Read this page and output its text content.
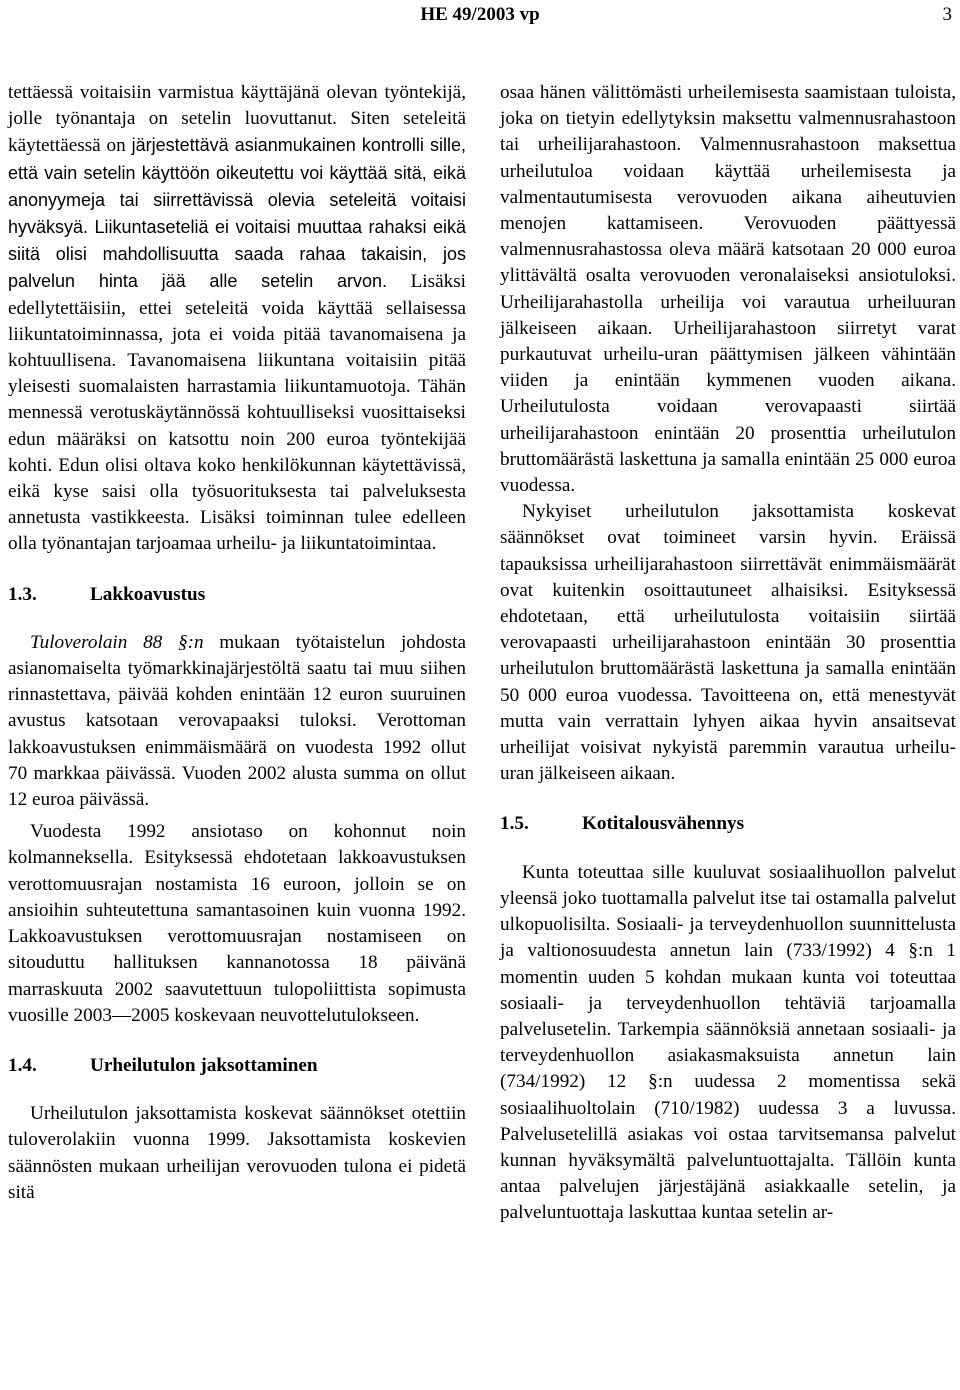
HE 49/2003 vp	3

tettäessä voitaisiin varmistua käyttäjänä olevan työntekijä, jolle työnantaja on setelin luovuttanut. Siten seteleitä käytettäessä on järjestettävä asianmukainen kontrolli sille, että vain setelin käyttöön oikeutettu voi käyttää sitä, eikä anonyymeja tai siirrettävissä olevia seteleitä voitaisi hyväksyä. Liikuntaseteliä ei voitaisi muuttaa rahaksi eikä siitä olisi mahdollisuutta saada rahaa takaisin, jos palvelun hinta jää alle setelin arvon. Lisäksi edellytettäisiin, ettei seteleitä voida käyttää sellaisessa liikuntatoiminnassa, jota ei voida pitää tavanomaisena ja kohtuullisena. Tavanomaisena liikuntana voitaisiin pitää yleisesti suomalaisten harrastamia liikuntamuotoja. Tähän mennessä verotuskäytännössä kohtuulliseksi vuosittaiseksi edun määräksi on katsottu noin 200 euroa työntekijää kohti. Edun olisi oltava koko henkilökunnan käytettävissä, eikä kyse saisi olla työsuorituksesta tai palveluksesta annetusta vastikkeesta. Lisäksi toiminnan tulee edelleen olla työnantajan tarjoamaa urheilu- ja liikuntatoimintaa.

1.3.	Lakkoavustus

Tuloverolain 88 §:n mukaan työtaistelun johdosta asianomaiselta työmarkkinajärjestöltä saatu tai muu siihen rinnastettava, päivää kohden enintään 12 euron suuruinen avustus katsotaan verovapaaksi tuloksi. Verottoman lakkoavustuksen enimmäismäärä on vuodesta 1992 ollut 70 markkaa päivässä. Vuoden 2002 alusta summa on ollut 12 euroa päivässä.

Vuodesta 1992 ansiotaso on kohonnut noin kolmanneksella. Esityksessä ehdotetaan lakkoavustuksen verottomuusrajan nostamista 16 euroon, jolloin se on ansioihin suhteutettuna samantasoinen kuin vuonna 1992. Lakkoavustuksen verottomuusrajan nostamiseen on sitouduttu hallituksen kannanotossa 18 päivänä marraskuuta 2002 saavutettuun tulopoliittista sopimusta vuosille 2003—2005 koskevaan neuvottelutulokseen.

1.4.	Urheilutulon jaksottaminen

Urheilutulon jaksottamista koskevat säännökset otettiin tuloverolakiin vuonna 1999. Jaksottamista koskevien säännösten mukaan urheilijan verovuoden tulona ei pidetä sitä

osaa hänen välittömästi urheilemisesta saamistaan tuloista, joka on tietyin edellytyksin maksettu valmennusrahastoon tai urheilijarahastoon. Valmennusrahastoon maksettua urheilutuloa voidaan käyttää urheilemisesta ja valmentautumisesta verovuoden aikana aiheutuvien menojen kattamiseen. Verovuoden päättyessä valmennusrahastossa oleva määrä katsotaan 20 000 euroa ylittävältä osalta verovuoden veronalaiseksi ansiotuloksi. Urheilijarahastolla urheilija voi varautua urheiluuran jälkeiseen aikaan. Urheilijarahastoon siirretyt varat purkautuvat urheilu-uran päättymisen jälkeen vähintään viiden ja enintään kymmenen vuoden aikana. Urheilutulosta voidaan verovapaasti siirtää urheilijarahastoon enintään 20 prosenttia urheilutulon bruttomäärästä laskettuna ja samalla enintään 25 000 euroa vuodessa.

Nykyiset urheilutulon jaksottamista koskevat säännökset ovat toimineet varsin hyvin. Eräissä tapauksissa urheilijarahastoon siirrettävät enimmäismäärät ovat kuitenkin osoittautuneet alhaisiksi. Esityksessä ehdotetaan, että urheilutulosta voitaisiin siirtää verovapaasti urheilijarahastoon enintään 30 prosenttia urheilutulon bruttomäärästä laskettuna ja samalla enintään 50 000 euroa vuodessa. Tavoitteena on, että menestyvät mutta vain verrattain lyhyen aikaa hyvin ansaitsevat urheilijat voisivat nykyistä paremmin varautua urheilu-uran jälkeiseen aikaan.

1.5.	Kotitalousvähennys

Kunta toteuttaa sille kuuluvat sosiaalihuollon palvelut yleensä joko tuottamalla palvelut itse tai ostamalla palvelut ulkopuolisilta. Sosiaali- ja terveydenhuollon suunnittelusta ja valtionosuudesta annetun lain (733/1992) 4 §:n 1 momentin uuden 5 kohdan mukaan kunta voi toteuttaa sosiaali- ja terveydenhuollon tehtäviä tarjoamalla palvelusetelin. Tarkempia säännöksiä annetaan sosiaali- ja terveydenhuollon asiakasmaksuista annetun lain (734/1992) 12 §:n uudessa 2 momentissa sekä sosiaalihuoltolain (710/1982) uudessa 3 a luvussa. Palvelusetelillä asiakas voi ostaa tarvitsemansa palvelut kunnan hyväksymältä palveluntuottajalta. Tällöin kunta antaa palvelujen järjestäjänä asiakkaalle setelin, ja palveluntuottaja laskuttaa kuntaa setelin ar-
